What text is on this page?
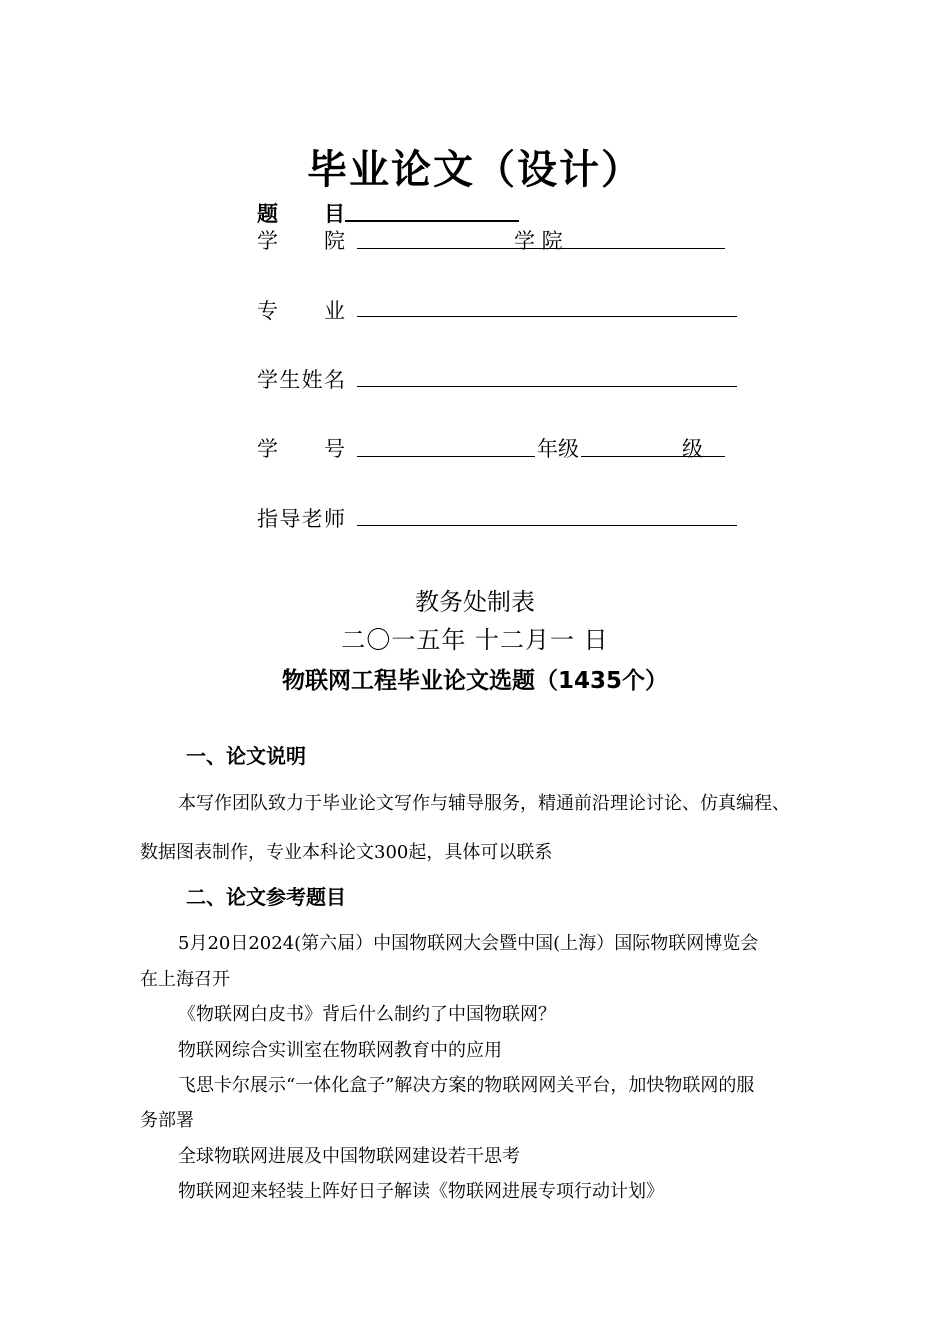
毕业论文（设计）
题 目
学 院	学 院
专 业
学生姓名
学 号	年级	级
指导老师
教务处制表
二〇一五年 十二月一 日
物联网工程毕业论文选题（1435个）
一、论文说明
本写作团队致力于毕业论文写作与辅导服务，精通前沿理论讨论、仿真编程、
数据图表制作，专业本科论文300起，具体可以联系
二、论文参考题目
5月20日2024(第六届）中国物联网大会暨中国(上海）国际物联网博览会
在上海召开
《物联网白皮书》背后什么制约了中国物联网？
物联网综合实训室在物联网教育中的应用
飞思卡尔展示“一体化盒子”解决方案的物联网网关平台，加快物联网的服
务部署
全球物联网进展及中国物联网建设若干思考
物联网迎来轻装上阵好日子解读《物联网进展专项行动计划》
